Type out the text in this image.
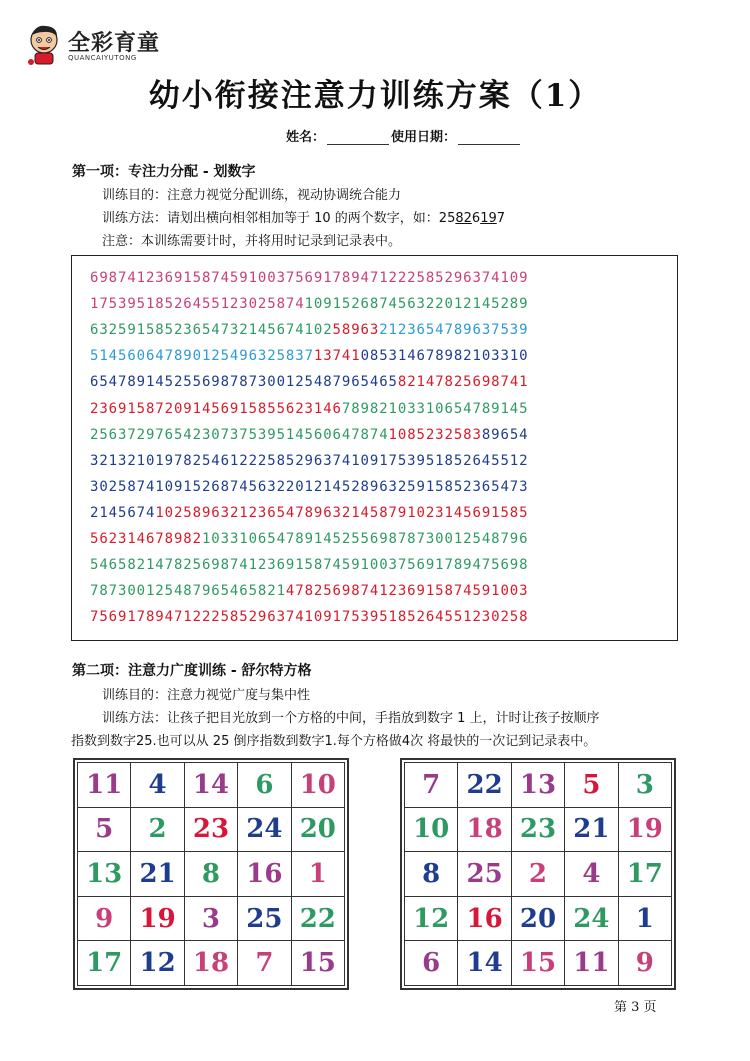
全彩育童
QUANCAIYUTONG
幼小衔接注意力训练方案（1）
姓名：	使用日期：
第一项：专注力分配 - 划数字
训练目的：注意力视觉分配训练，视动协调统合能力
训练方法：请划出横向相邻相加等于 10 的两个数字，如：25826197
注意：本训练需要计时，并将用时记录到记录表中。
69874123691587459100375691789471222585296374109
17539518526455123025874109152687456322012145289
63259158523654732145674102589632123654789637539
51456064789012549632583713741085314678982103310
65478914525569878730012548796546582147825698741
23691587209145691585562314678982103310654789145
25637297654230737539514560647874108523258389654
32132101978254612225852963741091753951852645512
30258741091526874563220121452896325915852365473
21456741025896321236547896321458791023145691585
56231467898210331065478914525569878730012548796
54658214782569874123691587459100375691789475698
78730012548796546582147825698741236915874591003
75691789471222585296374109175395185264551230258
第二项：注意力广度训练 - 舒尔特方格
训练目的：注意力视觉广度与集中性
训练方法：让孩子把目光放到一个方格的中间，手指放到数字 1 上，计时让孩子按顺序
指数到数字25.也可以从 25 倒序指数到数字1.每个方格做4次 将最快的一次记到记录表中。
11	4	14	6	10
5	2	23	24	20
13	21	8	16	1
9	19	3	25	22
17	12	18	7	15
7	22	13	5	3
10	18	23	21	19
8	25	2	4	17
12	16	20	24	1
6	14	15	11	9
第 3 页
